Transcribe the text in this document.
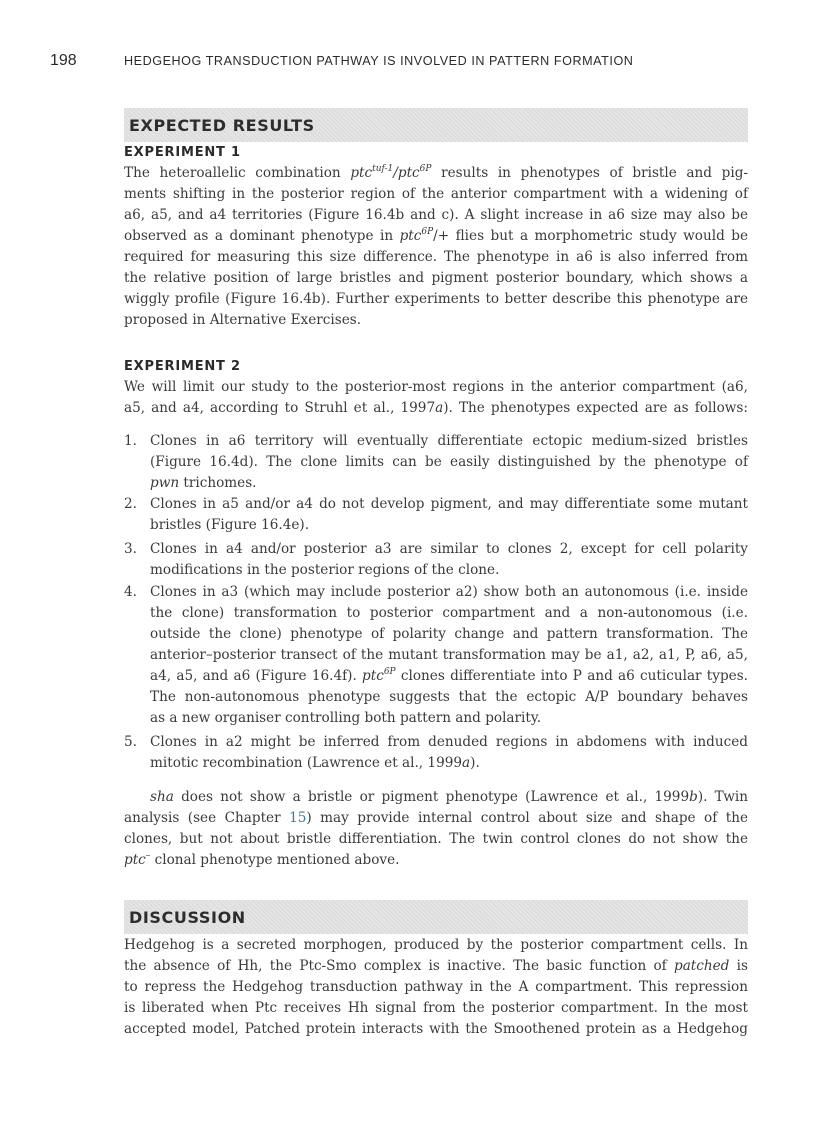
198	HEDGEHOG TRANSDUCTION PATHWAY IS INVOLVED IN PATTERN FORMATION
EXPECTED RESULTS
EXPERIMENT 1
The heteroallelic combination ptc$^{tuf-1}$/ptc$^{6P}$ results in phenotypes of bristle and pig-
ments shifting in the posterior region of the anterior compartment with a widening of
a6, a5, and a4 territories (Figure 16.4b and c). A slight increase in a6 size may also be
observed as a dominant phenotype in ptc$^{6P}$/+ flies but a morphometric study would be
required for measuring this size difference. The phenotype in a6 is also inferred from
the relative position of large bristles and pigment posterior boundary, which shows a
wiggly profile (Figure 16.4b). Further experiments to better describe this phenotype are
proposed in Alternative Exercises.
EXPERIMENT 2
We will limit our study to the posterior-most regions in the anterior compartment (a6,
a5, and a4, according to Struhl et al., 1997a). The phenotypes expected are as follows:
1. Clones in a6 territory will eventually differentiate ectopic medium-sized bristles
(Figure 16.4d). The clone limits can be easily distinguished by the phenotype of
pwn trichomes.
2. Clones in a5 and/or a4 do not develop pigment, and may differentiate some mutant
bristles (Figure 16.4e).
3. Clones in a4 and/or posterior a3 are similar to clones 2, except for cell polarity
modifications in the posterior regions of the clone.
4. Clones in a3 (which may include posterior a2) show both an autonomous (i.e. inside
the clone) transformation to posterior compartment and a non-autonomous (i.e.
outside the clone) phenotype of polarity change and pattern transformation. The
anterior–posterior transect of the mutant transformation may be a1, a2, a1, P, a6, a5,
a4, a5, and a6 (Figure 16.4f). ptc$^{6P}$ clones differentiate into P and a6 cuticular types.
The non-autonomous phenotype suggests that the ectopic A/P boundary behaves
as a new organiser controlling both pattern and polarity.
5. Clones in a2 might be inferred from denuded regions in abdomens with induced
mitotic recombination (Lawrence et al., 1999a).
sha does not show a bristle or pigment phenotype (Lawrence et al., 1999b). Twin
analysis (see Chapter 15) may provide internal control about size and shape of the
clones, but not about bristle differentiation. The twin control clones do not show the
ptc– clonal phenotype mentioned above.
DISCUSSION
Hedgehog is a secreted morphogen, produced by the posterior compartment cells. In
the absence of Hh, the Ptc-Smo complex is inactive. The basic function of patched is
to repress the Hedgehog transduction pathway in the A compartment. This repression
is liberated when Ptc receives Hh signal from the posterior compartment. In the most
accepted model, Patched protein interacts with the Smoothened protein as a Hedgehog
